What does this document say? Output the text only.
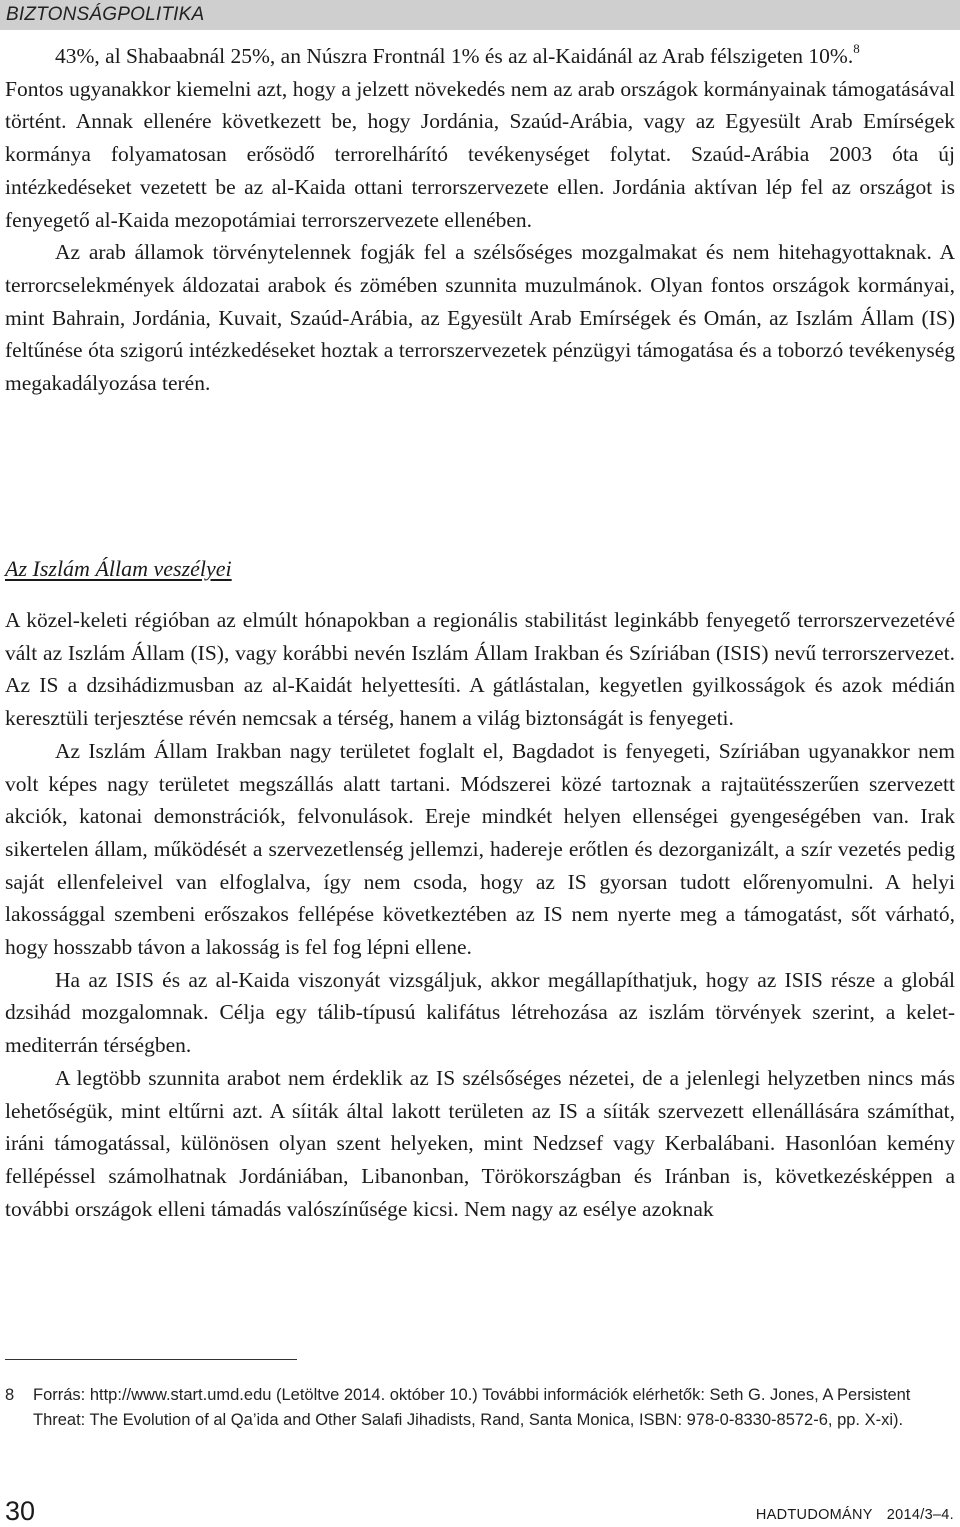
BIZTONSÁGPOLITIKA

43%, al Shabaabnál 25%, an Núszra Frontnál 1% és az al-Kaidánál az Arab félszigeten 10%.$^8$

Fontos ugyanakkor kiemelni azt, hogy a jelzett növekedés nem az arab országok kormányainak támogatásával történt. Annak ellenére következett be, hogy Jordánia, Szaúd-Arábia, vagy az Egyesült Arab Emírségek kormánya folyamatosan erősödő terrorelhárító tevékenységet folytat. Szaúd-Arábia 2003 óta új intézkedéseket vezetett be az al-Kaida ottani terrorszervezete ellen. Jordánia aktívan lép fel az országot is fenyegető al-Kaida mezopotámiai terrorszervezete ellenében.

Az arab államok törvénytelennek fogják fel a szélsőséges mozgalmakat és nem hitehagyottaknak. A terrorcselekmények áldozatai arabok és zömében szunnita muzulmánok. Olyan fontos országok kormányai, mint Bahrain, Jordánia, Kuvait, Szaúd-Arábia, az Egyesült Arab Emírségek és Omán, az Iszlám Állam (IS) feltűnése óta szigorú intézkedéseket hoztak a terrorszervezetek pénzügyi támogatása és a toborzó tevékenység megakadályozása terén.

Az Iszlám Állam veszélyei

A közel-keleti régióban az elmúlt hónapokban a regionális stabilitást leginkább fenyegető terrorszervezetévé vált az Iszlám Állam (IS), vagy korábbi nevén Iszlám Állam Irakban és Szíriában (ISIS) nevű terrorszervezet. Az IS a dzsihádizmusban az al-Kaidát helyettesíti. A gátlástalan, kegyetlen gyilkosságok és azok médián keresztüli terjesztése révén nemcsak a térség, hanem a világ biztonságát is fenyegeti.

Az Iszlám Állam Irakban nagy területet foglalt el, Bagdadot is fenyegeti, Szíriában ugyanakkor nem volt képes nagy területet megszállás alatt tartani. Módszerei közé tartoznak a rajtaütésszerűen szervezett akciók, katonai demonstrációk, felvonulások. Ereje mindkét helyen ellenségei gyengeségében van. Irak sikertelen állam, működését a szervezetlenség jellemzi, hadereje erőtlen és dezorganizált, a szír vezetés pedig saját ellenfeleivel van elfoglalva, így nem csoda, hogy az IS gyorsan tudott előrenyomulni. A helyi lakossággal szembeni erőszakos fellépése következtében az IS nem nyerte meg a támogatást, sőt várható, hogy hosszabb távon a lakosság is fel fog lépni ellene.

Ha az ISIS és az al-Kaida viszonyát vizsgáljuk, akkor megállapíthatjuk, hogy az ISIS része a globál dzsihád mozgalomnak. Célja egy tálib-típusú kalifátus létrehozása az iszlám törvények szerint, a kelet-mediterrán térségben.

A legtöbb szunnita arabot nem érdeklik az IS szélsőséges nézetei, de a jelenlegi helyzetben nincs más lehetőségük, mint eltűrni azt. A síiták által lakott területen az IS a síiták szervezett ellenállására számíthat, iráni támogatással, különösen olyan szent helyeken, mint Nedzsef vagy Kerbalábani. Hasonlóan kemény fellépéssel számolhatnak Jordániában, Libanonban, Törökországban és Iránban is, következésképpen a további országok elleni támadás valószínűsége kicsi. Nem nagy az esélye azoknak

8 Forrás: http://www.start.umd.edu (Letöltve 2014. október 10.) További információk elérhetők: Seth G. Jones, A Persistent Threat: The Evolution of al Qa’ida and Other Salafi Jihadists, Rand, Santa Monica, ISBN: 978-0-8330-8572-6, pp. X-xi).
30	HADTUDOMÁNY 2014/3–4.
